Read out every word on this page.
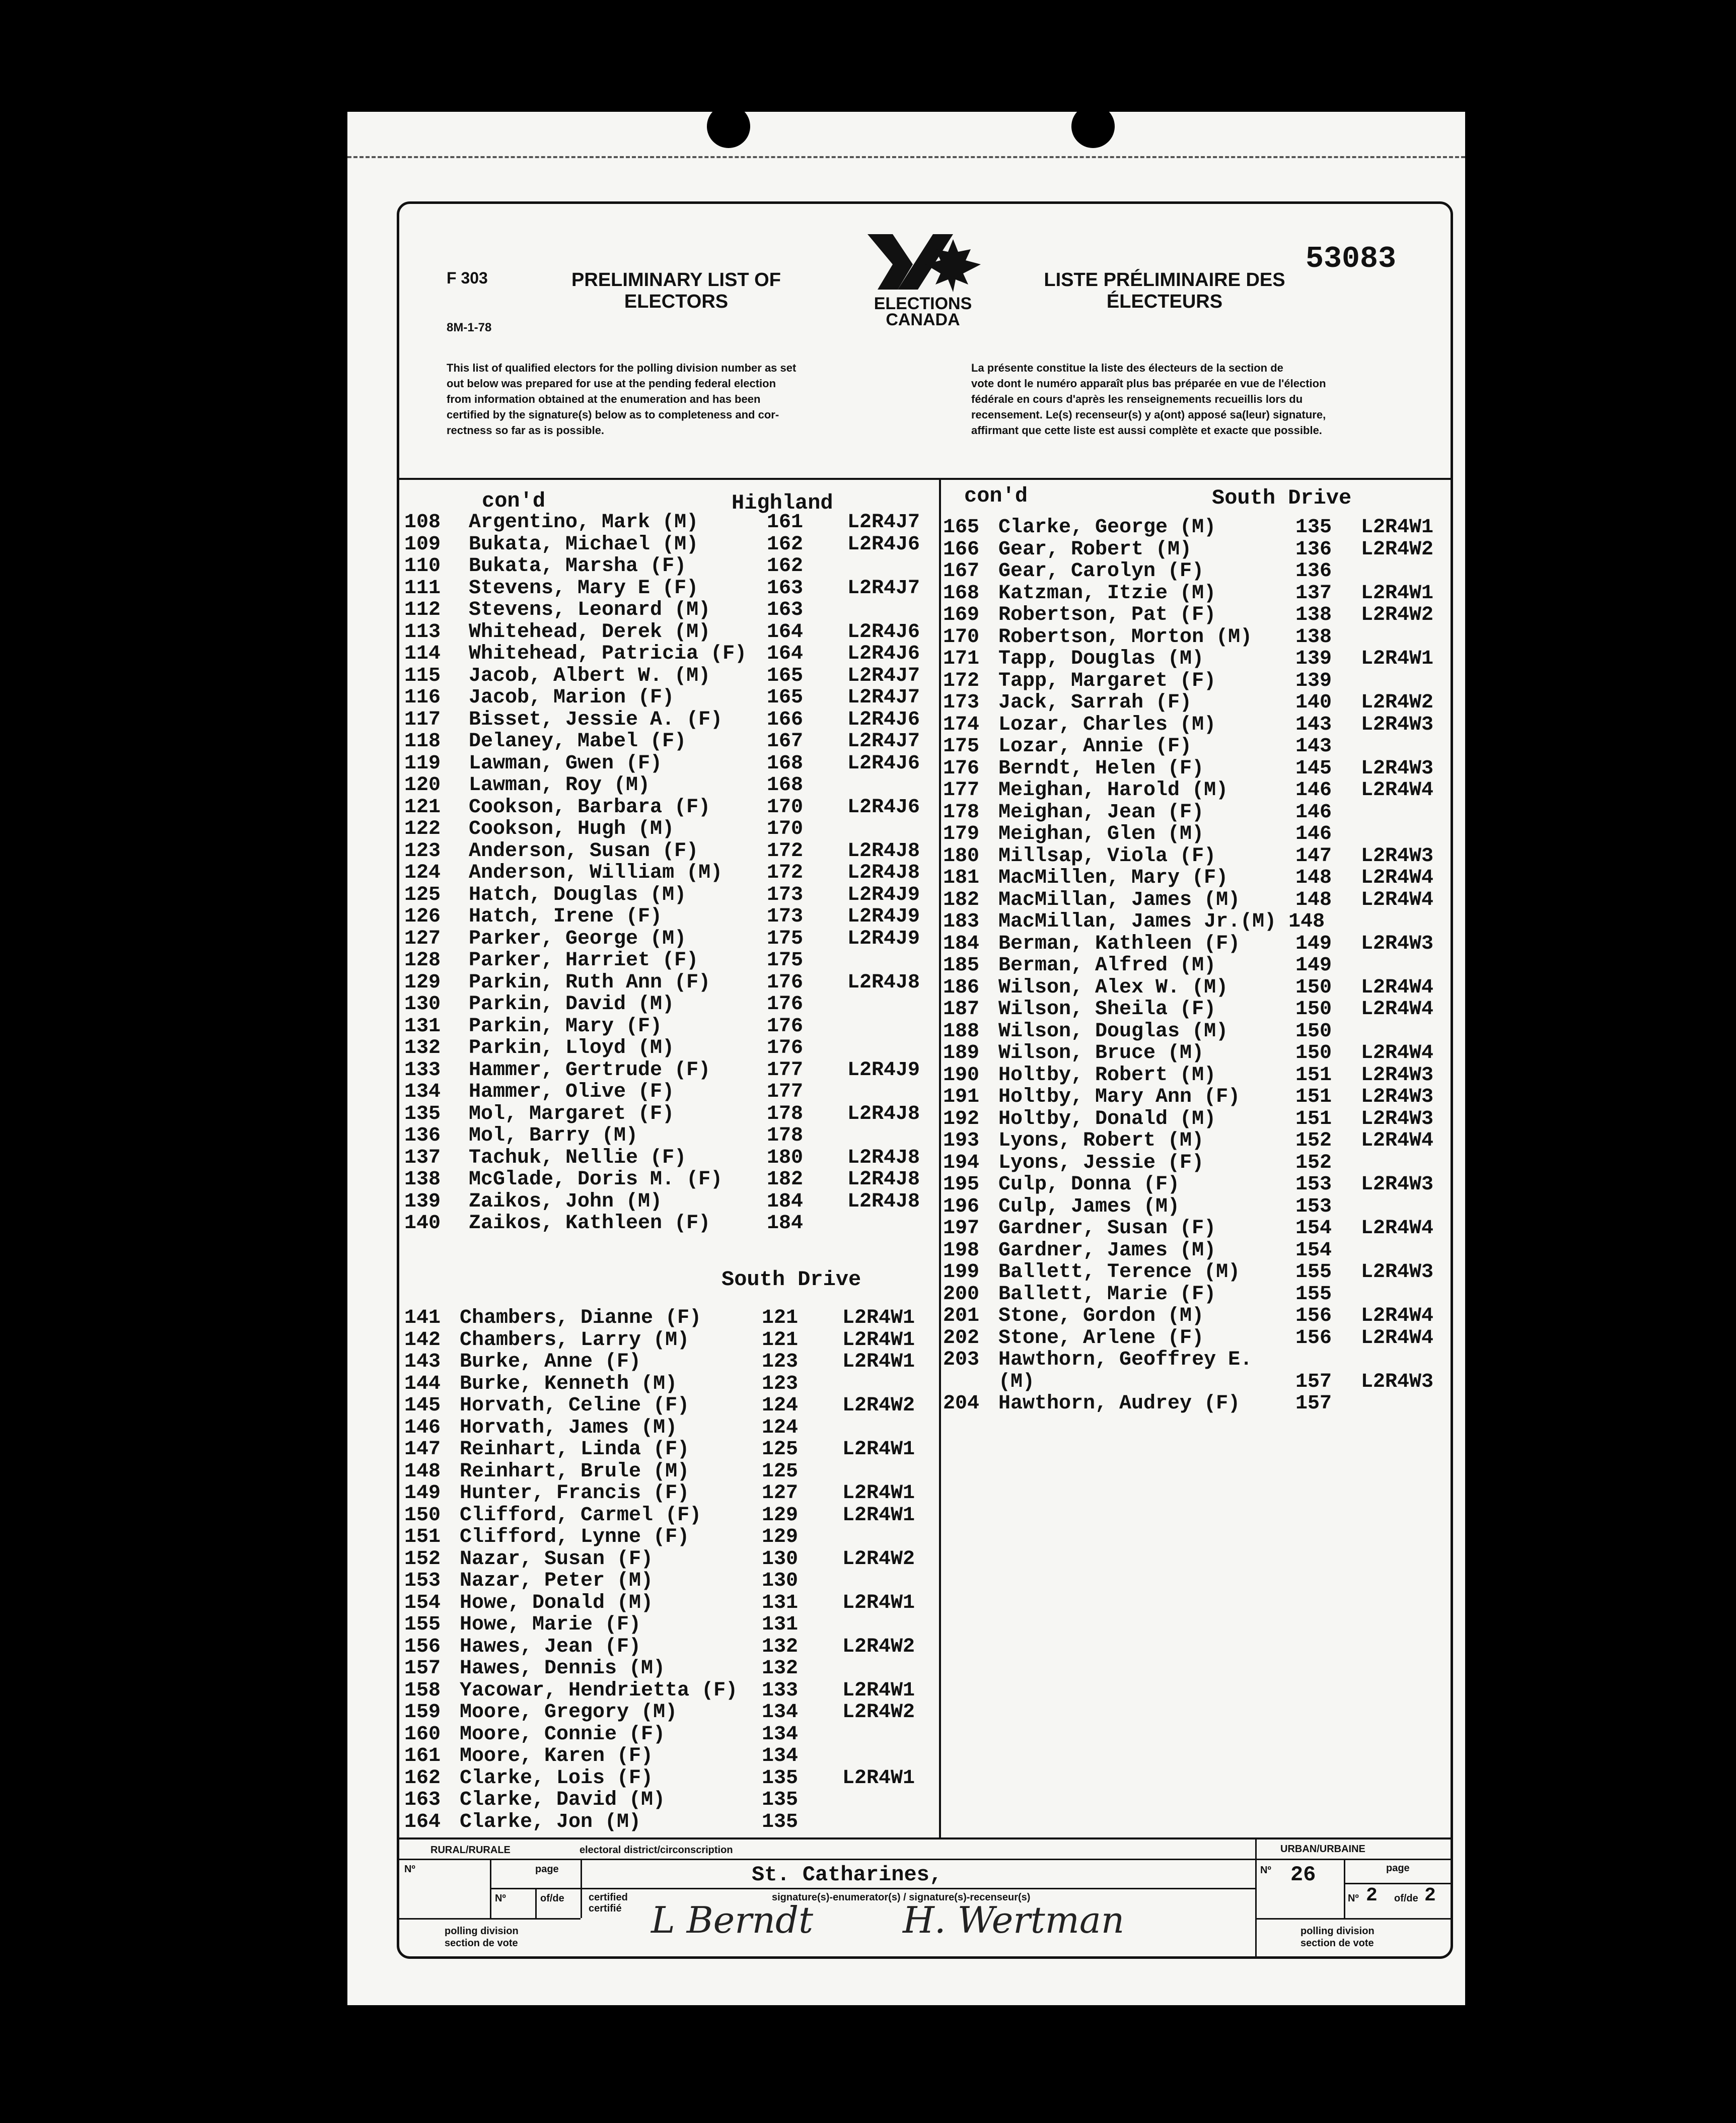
F 303
8M-1-78
PRELIMINARY LIST OF
ELECTORS	ELECTIONS
CANADA
LISTE PRÉLIMINAIRE DES
ÉLECTEURS
53083
This list of qualified electors for the polling division number as set
out below was prepared for use at the pending federal election
from information obtained at the enumeration and has been
certified by the signature(s) below as to completeness and cor-
rectness so far as is possible.
La présente constitue la liste des électeurs de la section de
vote dont le numéro apparaît plus bas préparée en vue de l'élection
fédérale en cours d'après les renseignements recueillis lors du
recensement. Le(s) recenseur(s) y a(ont) apposé sa(leur) signature,
affirmant que cette liste est aussi complète et exacte que possible.
con'd	Highland	con'd	South Drive
108 Argentino, Mark (M)	161 L2R4J7
109 Bukata, Michael (M)	162 L2R4J6
110 Bukata, Marsha (F)	162
111 Stevens, Mary E (F)	163 L2R4J7
112 Stevens, Leonard (M)	163
113 Whitehead, Derek (M)	164 L2R4J6
114 Whitehead, Patricia (F) 164 L2R4J6
115 Jacob, Albert W. (M)	165 L2R4J7
116 Jacob, Marion (F)	165 L2R4J7
117 Bisset, Jessie A. (F) 166 L2R4J6
118 Delaney, Mabel (F)	167 L2R4J7
119 Lawman, Gwen (F)	168 L2R4J6
120 Lawman, Roy (M)	168
121 Cookson, Barbara (F)	170 L2R4J6
122 Cookson, Hugh (M)	170
123 Anderson, Susan (F)	172 L2R4J8
124 Anderson, William (M) 172 L2R4J8
125 Hatch, Douglas (M)	173 L2R4J9
126 Hatch, Irene (F)	173 L2R4J9
127 Parker, George (M)	175 L2R4J9
128 Parker, Harriet (F)	175
129 Parkin, Ruth Ann (F)	176 L2R4J8
130 Parkin, David (M)	176
131 Parkin, Mary (F)	176
132 Parkin, Lloyd (M)	176
133 Hammer, Gertrude (F)	177 L2R4J9
134 Hammer, Olive (F)	177
135 Mol, Margaret (F)	178 L2R4J8
136 Mol, Barry (M)	178
137 Tachuk, Nellie (F)	180 L2R4J8
138 McGlade, Doris M. (F) 182 L2R4J8
139 Zaikos, John (M)	184 L2R4J8
140 Zaikos, Kathleen (F)	184
South Drive
141 Chambers, Dianne (F)	121 L2R4W1
142 Chambers, Larry (M)	121 L2R4W1
143 Burke, Anne (F)	123 L2R4W1
144 Burke, Kenneth (M)	123
145 Horvath, Celine (F)	124 L2R4W2
146 Horvath, James (M)	124
147 Reinhart, Linda (F)	125 L2R4W1
148 Reinhart, Brule (M)	125
149 Hunter, Francis (F)	127 L2R4W1
150 Clifford, Carmel (F)	129 L2R4W1
151 Clifford, Lynne (F)	129
152 Nazar, Susan (F)	130 L2R4W2
153 Nazar, Peter (M)	130
154 Howe, Donald (M)	131 L2R4W1
155 Howe, Marie (F)	131
156 Hawes, Jean (F)	132 L2R4W2
157 Hawes, Dennis (M)	132
158 Yacowar, Hendrietta (F) 133 L2R4W1
159 Moore, Gregory (M)	134 L2R4W2
160 Moore, Connie (F)	134
161 Moore, Karen (F)	134
162 Clarke, Lois (F)	135 L2R4W1
163 Clarke, David (M)	135
164 Clarke, Jon (M)	135
165 Clarke, George (M)	135 L2R4W1
166 Gear, Robert (M)	136 L2R4W2
167 Gear, Carolyn (F)	136
168 Katzman, Itzie (M)	137 L2R4W1
169 Robertson, Pat (F)	138 L2R4W2
170 Robertson, Morton (M) 138
171 Tapp, Douglas (M)	139 L2R4W1
172 Tapp, Margaret (F)	139
173 Jack, Sarrah (F)	140 L2R4W2
174 Lozar, Charles (M)	143 L2R4W3
175 Lozar, Annie (F)	143
176 Berndt, Helen (F)	145 L2R4W3
177 Meighan, Harold (M)	146 L2R4W4
178 Meighan, Jean (F)	146
179 Meighan, Glen (M)	146
180 Millsap, Viola (F)	147 L2R4W3
181 MacMillen, Mary (F)	148 L2R4W4
182 MacMillan, James (M)	148 L2R4W4
183 MacMillan, James Jr.(M) 148
184 Berman, Kathleen (F)	149 L2R4W3
185 Berman, Alfred (M)	149
186 Wilson, Alex W. (M)	150 L2R4W4
187 Wilson, Sheila (F)	150 L2R4W4
188 Wilson, Douglas (M)	150
189 Wilson, Bruce (M)	150 L2R4W4
190 Holtby, Robert (M)	151 L2R4W3
191 Holtby, Mary Ann (F)	151 L2R4W3
192 Holtby, Donald (M)	151 L2R4W3
193 Lyons, Robert (M)	152 L2R4W4
194 Lyons, Jessie (F)	152
195 Culp, Donna (F)	153 L2R4W3
196 Culp, James (M)	153
197 Gardner, Susan (F)	154 L2R4W4
198 Gardner, James (M)	154
199 Ballett, Terence (M)	155 L2R4W3
200 Ballett, Marie (F)	155
201 Stone, Gordon (M)	156 L2R4W4
202 Stone, Arlene (F)	156 L2R4W4
203 Hawthorn, Geoffrey E.
(M)	157 L2R4W3
204 Hawthorn, Audrey (F)	157
RURAL/RURALE	electoral district/circonscription	URBAN/URBAINE
Nº	page
Nº	of/de
St. Catharines,	Nº 26	page
Nº 2 of/de 2
certified
certifié
signature(s)-enumerator(s) / signature(s)-recenseur(s)
L Berndt H. Wertman
polling division
section de vote
polling division
section de vote
